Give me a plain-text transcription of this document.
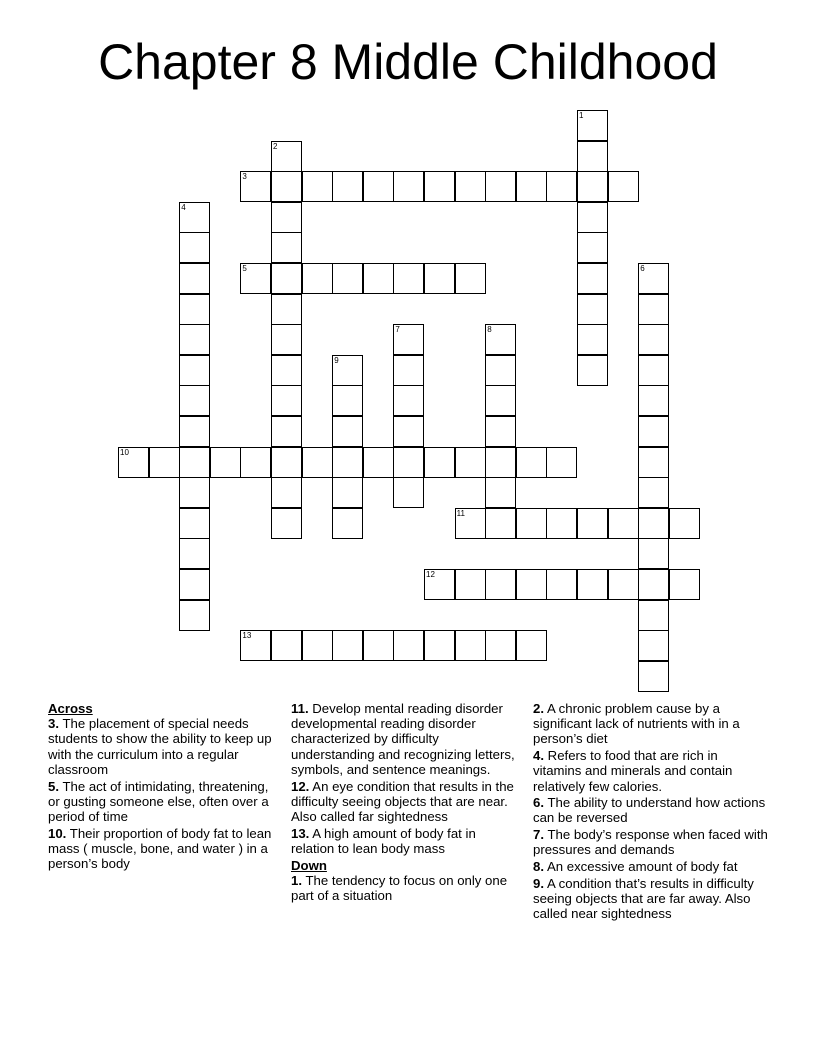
Chapter 8 Middle Childhood
1
2
3
4
5	6
7	8
9
10
11
12
13
Across
3. The placement of special needs students to show the ability to keep up with the curriculum into a regular classroom
5. The act of intimidating, threatening, or gusting someone else, often over a period of time
10. Their proportion of body fat to lean mass ( muscle, bone, and water ) in a person’s body
11. Develop mental reading disorder developmental reading disorder characterized by difficulty understanding and recognizing letters, symbols, and sentence meanings.
12. An eye condition that results in the difficulty seeing objects that are near. Also called far sightedness
13. A high amount of body fat in relation to lean body mass
Down
1. The tendency to focus on only one part of a situation
2. A chronic problem cause by a significant lack of nutrients with in a person’s diet
4. Refers to food that are rich in vitamins and minerals and contain relatively few calories.
6. The ability to understand how actions can be reversed
7. The body’s response when faced with pressures and demands
8. An excessive amount of body fat
9. A condition that’s results in difficulty seeing objects that are far away. Also called near sightedness
